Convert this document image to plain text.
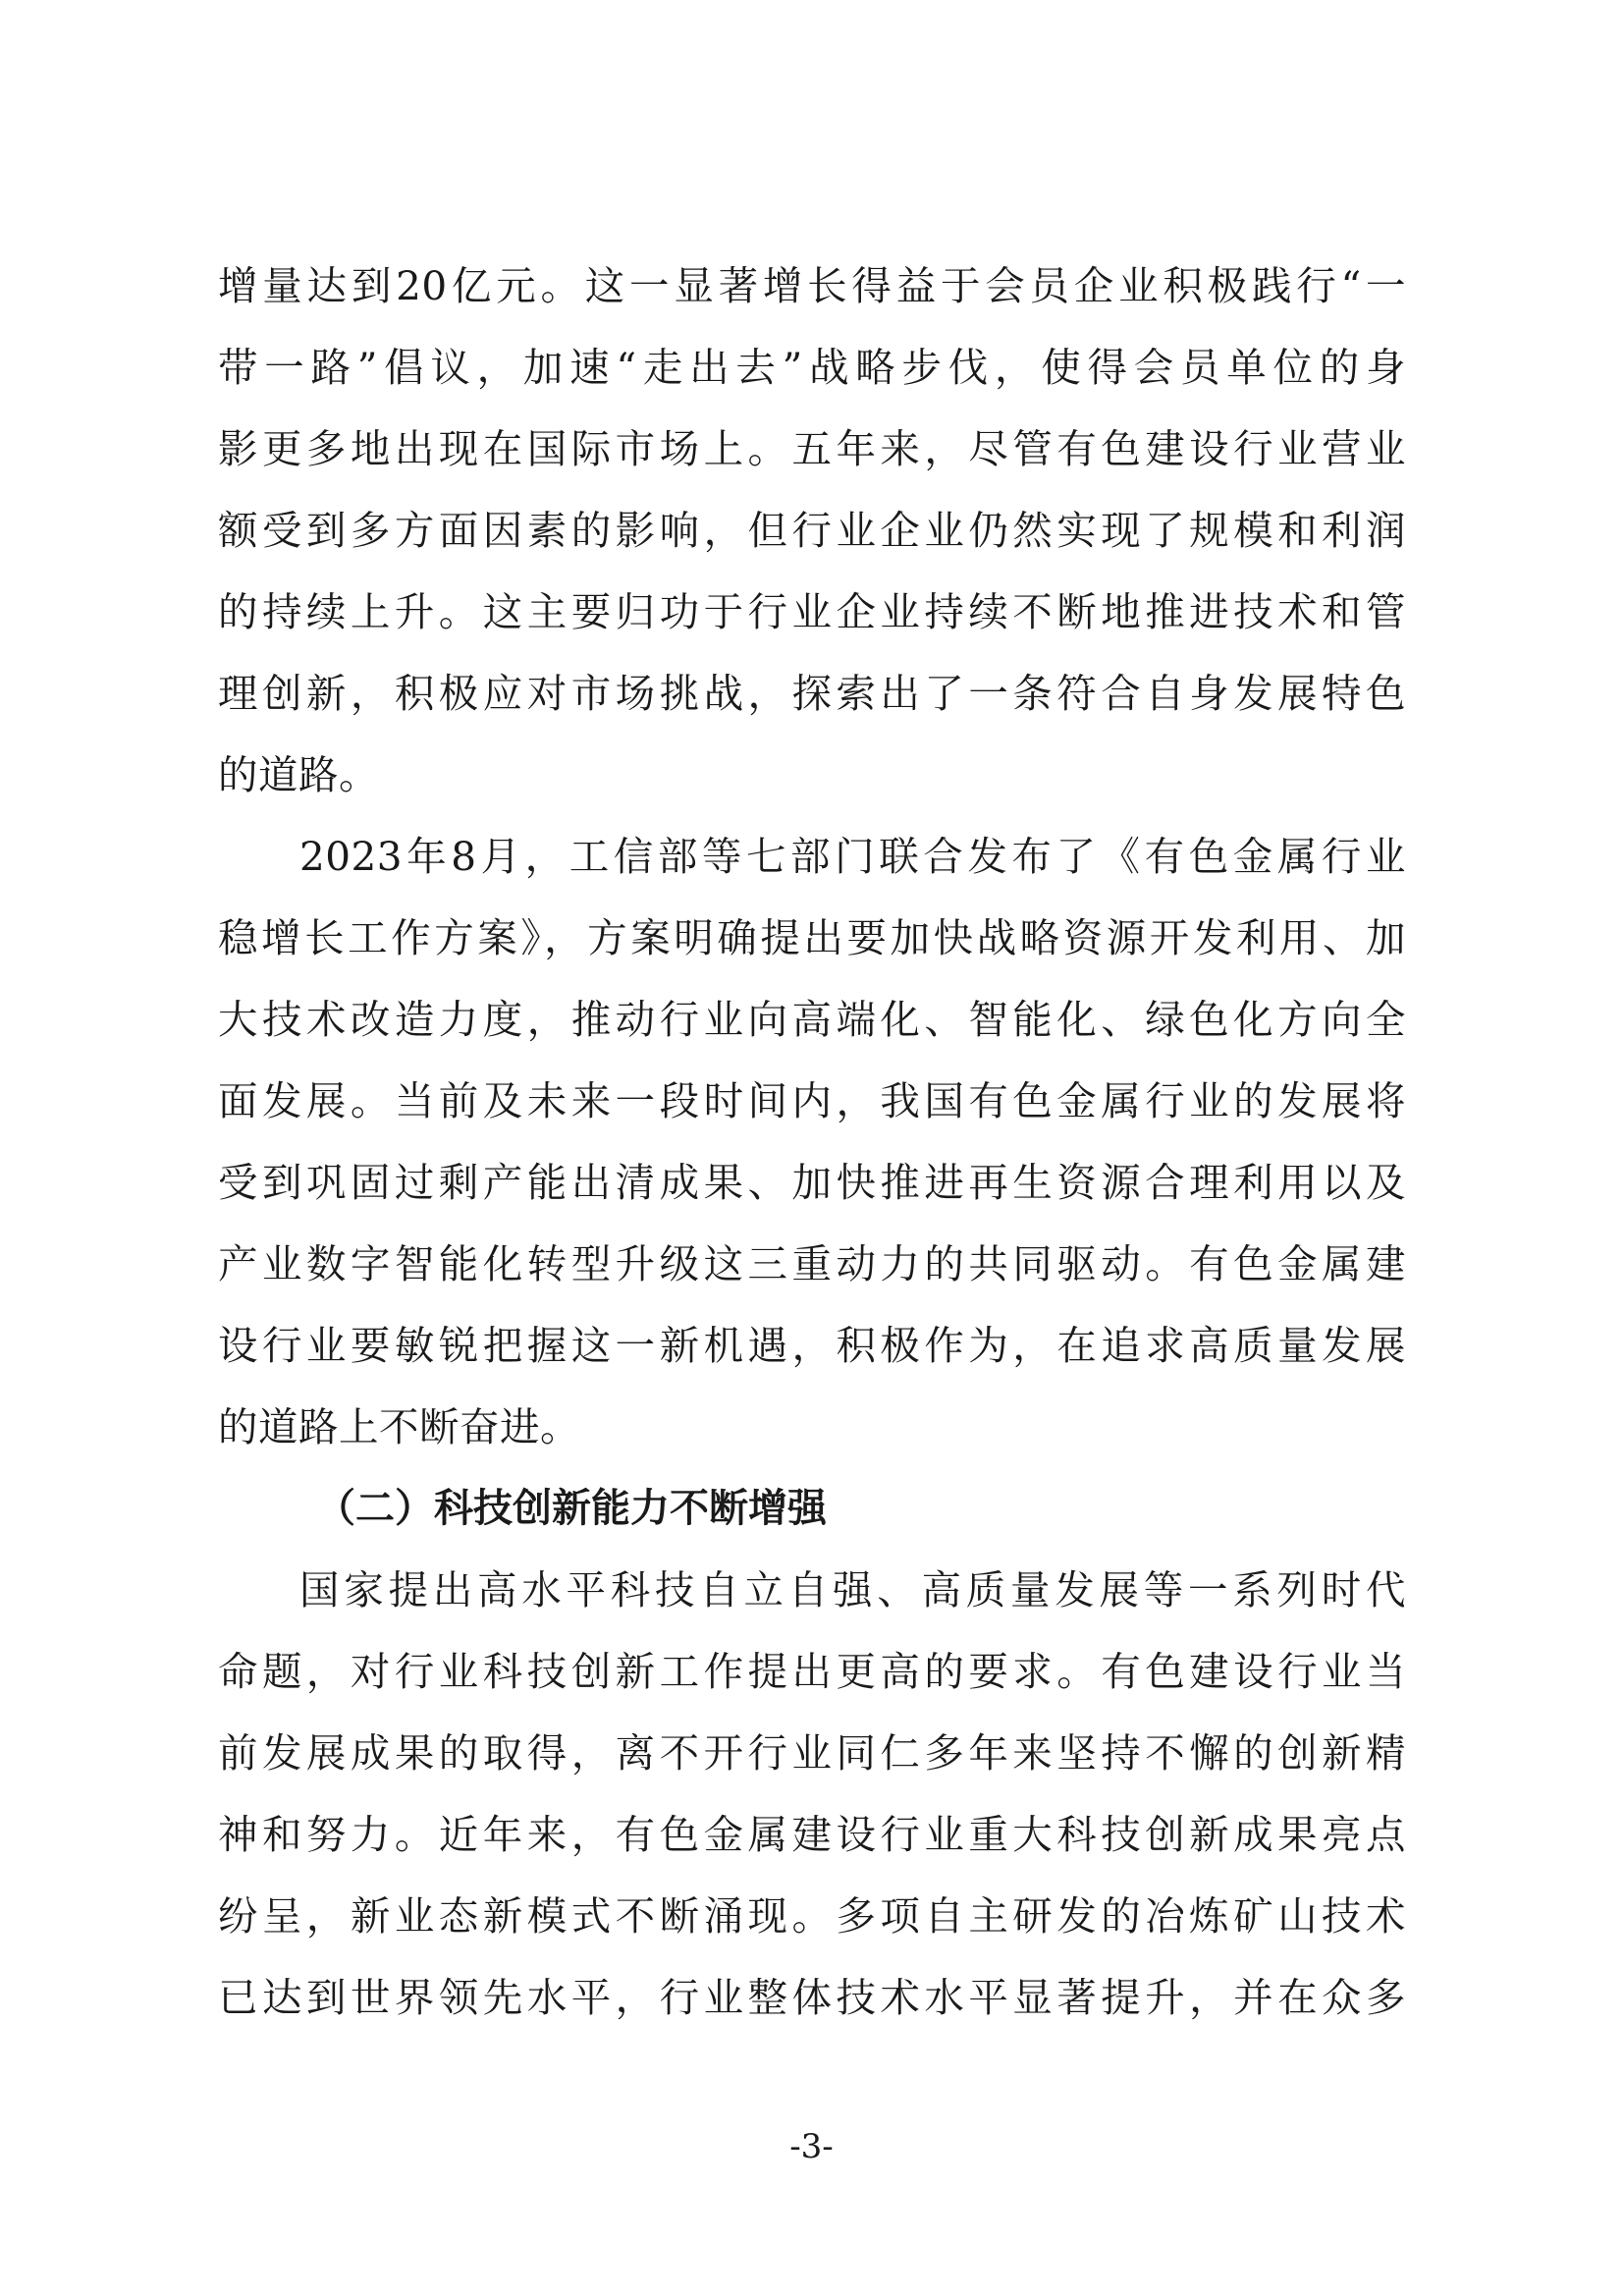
增量达到20亿元。这一显著增长得益于会员企业积极践行“一
带一路”倡议，加速“走出去”战略步伐，使得会员单位的身
影更多地出现在国际市场上。五年来，尽管有色建设行业营业
额受到多方面因素的影响，但行业企业仍然实现了规模和利润
的持续上升。这主要归功于行业企业持续不断地推进技术和管
理创新，积极应对市场挑战，探索出了一条符合自身发展特色
的道路。

2023年8月，工信部等七部门联合发布了《有色金属行业
稳增长工作方案》，方案明确提出要加快战略资源开发利用、加
大技术改造力度，推动行业向高端化、智能化、绿色化方向全
面发展。当前及未来一段时间内，我国有色金属行业的发展将
受到巩固过剩产能出清成果、加快推进再生资源合理利用以及
产业数字智能化转型升级这三重动力的共同驱动。有色金属建
设行业要敏锐把握这一新机遇，积极作为，在追求高质量发展
的道路上不断奋进。

（二）科技创新能力不断增强

国家提出高水平科技自立自强、高质量发展等一系列时代
命题，对行业科技创新工作提出更高的要求。有色建设行业当
前发展成果的取得，离不开行业同仁多年来坚持不懈的创新精
神和努力。近年来，有色金属建设行业重大科技创新成果亮点
纷呈，新业态新模式不断涌现。多项自主研发的冶炼矿山技术
已达到世界领先水平，行业整体技术水平显著提升，并在众多

-3-
